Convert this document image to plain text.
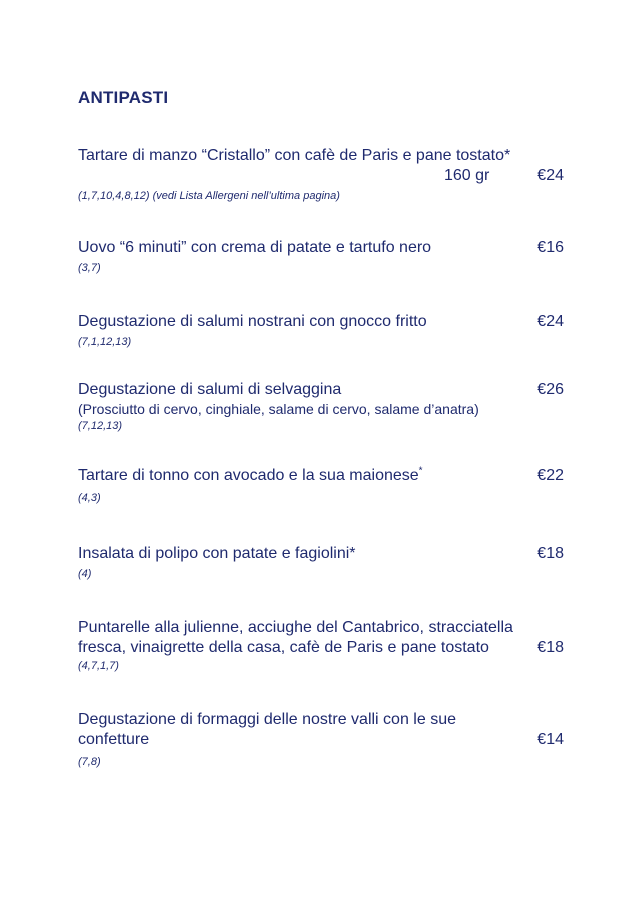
ANTIPASTI
Tartare di manzo “Cristallo” con cafè de Paris e pane tostato*
160 gr	€24
(1,7,10,4,8,12) (vedi Lista Allergeni nell’ultima pagina)
Uovo “6 minuti” con crema di patate e tartufo nero	€16
(3,7)
Degustazione di salumi nostrani con gnocco fritto	€24
(7,1,12,13)
Degustazione di salumi di selvaggina	€26
(Prosciutto di cervo, cinghiale, salame di cervo, salame d’anatra)
(7,12,13)
Tartare di tonno con avocado e la sua maionese*	€22
(4,3)
Insalata di polipo con patate e fagiolini*	€18
(4)
Puntarelle alla julienne, acciughe del Cantabrico, stracciatella
fresca, vinaigrette della casa, cafè de Paris e pane tostato	€18
(4,7,1,7)
Degustazione di formaggi delle nostre valli con le sue
confetture	€14
(7,8)
